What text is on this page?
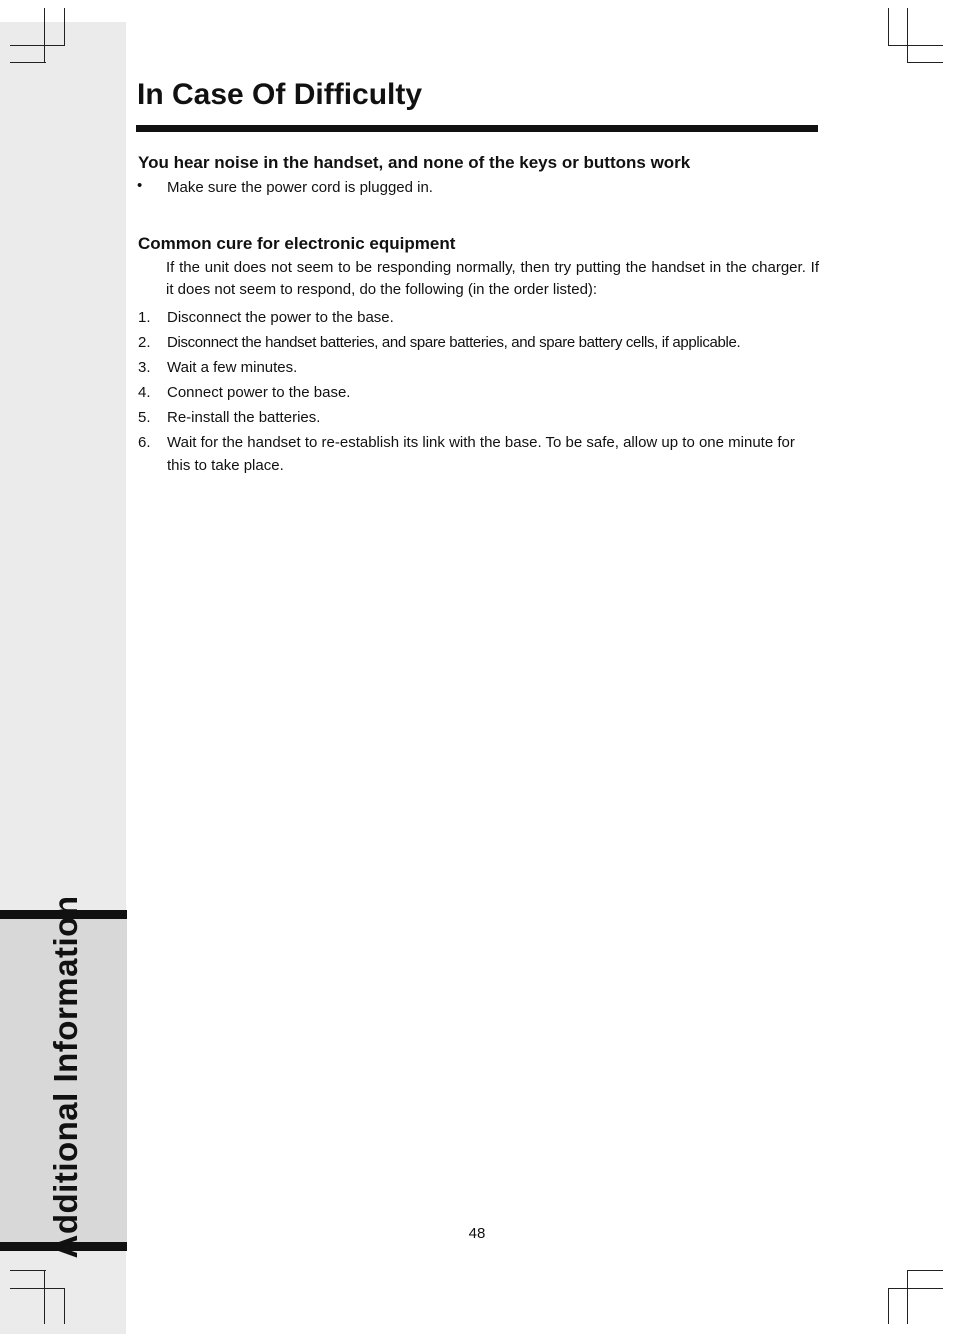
Additional Information
In Case Of Difficulty
You hear noise in the handset, and none of the keys or buttons work
• Make sure the power cord is plugged in.
Common cure for electronic equipment

If the unit does not seem to be responding normally, then try putting the handset in the charger. If it does not seem to respond, do the following (in the order listed):

1. Disconnect the power to the base.
2. Disconnect the handset batteries, and spare batteries, and spare battery cells, if applicable.
3. Wait a few minutes.
4. Connect power to the base.
5. Re-install the batteries.
6. Wait for the handset to re-establish its link with the base. To be safe, allow up to one minute for this to take place.
48
